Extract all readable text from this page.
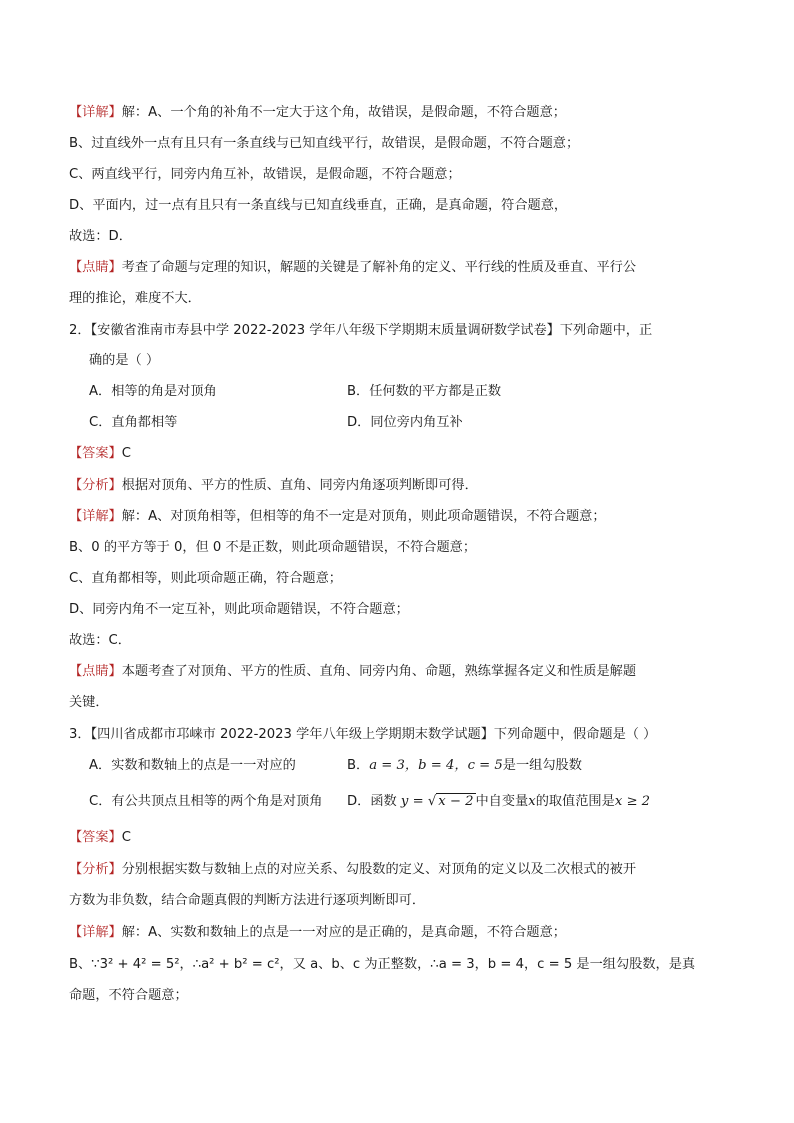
【详解】解：A、一个角的补角不一定大于这个角，故错误，是假命题，不符合题意；
B、过直线外一点有且只有一条直线与已知直线平行，故错误，是假命题，不符合题意；
C、两直线平行，同旁内角互补，故错误，是假命题，不符合题意；
D、平面内，过一点有且只有一条直线与已知直线垂直，正确，是真命题，符合题意，
故选：D．
【点睛】考查了命题与定理的知识，解题的关键是了解补角的定义、平行线的性质及垂直、平行公
理的推论，难度不大．
2．【安徽省淮南市寿县中学 2022-2023 学年八年级下学期期末质量调研数学试卷】下列命题中，正
确的是（ ）
A．相等的角是对顶角	B．任何数的平方都是正数
C．直角都相等	D．同位旁内角互补
【答案】C
【分析】根据对顶角、平方的性质、直角、同旁内角逐项判断即可得．
【详解】解：A、对顶角相等，但相等的角不一定是对顶角，则此项命题错误，不符合题意；
B、0 的平方等于 0，但 0 不是正数，则此项命题错误，不符合题意；
C、直角都相等，则此项命题正确，符合题意；
D、同旁内角不一定互补，则此项命题错误，不符合题意；
故选：C．
【点睛】本题考查了对顶角、平方的性质、直角、同旁内角、命题，熟练掌握各定义和性质是解题
关键．
3．【四川省成都市邛崃市 2022-2023 学年八年级上学期期末数学试题】下列命题中，假命题是（ ）
A．实数和数轴上的点是一一对应的	B．a = 3，b = 4，c = 5是一组勾股数
C．有公共顶点且相等的两个角是对顶角 D．函数 y = √ x − 2 中自变量x的取值范围是x ≥ 2
【答案】C
【分析】分别根据实数与数轴上点的对应关系、勾股数的定义、对顶角的定义以及二次根式的被开
方数为非负数，结合命题真假的判断方法进行逐项判断即可．
【详解】解：A、实数和数轴上的点是一一对应的是正确的，是真命题，不符合题意；
B、∵3² + 4² = 5²，∴a² + b² = c²，又 a、b、c 为正整数，∴a = 3，b = 4，c = 5 是一组勾股数，是真
命题，不符合题意；
